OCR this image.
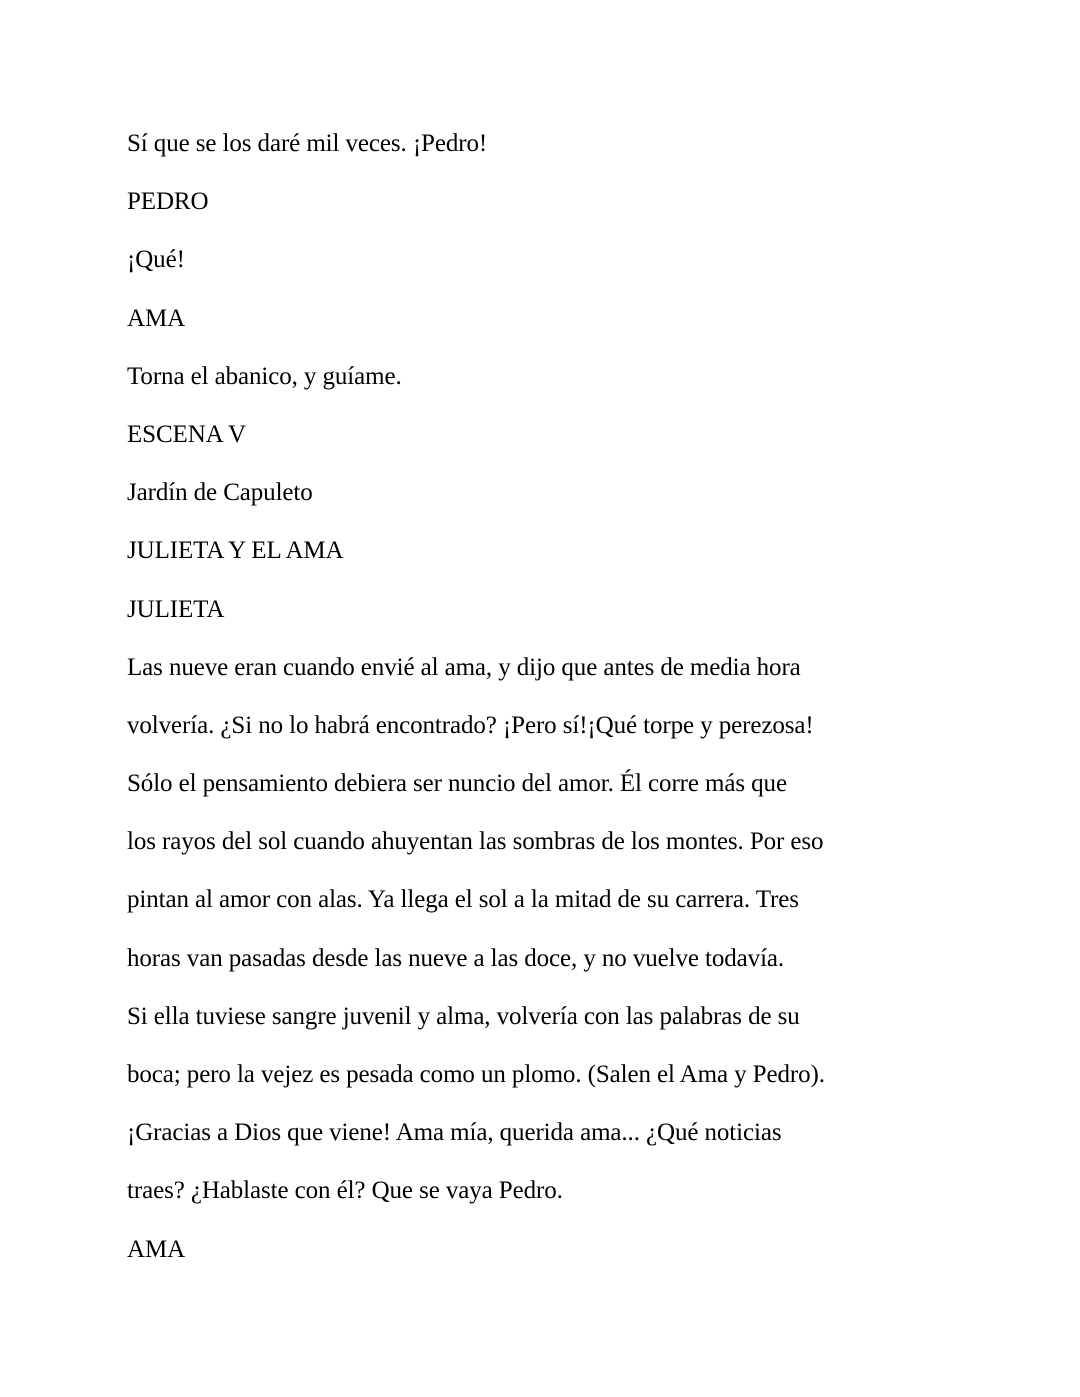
Sí que se los daré mil veces. ¡Pedro!
PEDRO
¡Qué!
AMA
Torna el abanico, y guíame.
ESCENA V
Jardín de Capuleto
JULIETA Y EL AMA
JULIETA
Las nueve eran cuando envié al ama, y dijo que antes de media hora
volvería. ¿Si no lo habrá encontrado? ¡Pero sí!¡Qué torpe y perezosa!
Sólo el pensamiento debiera ser nuncio del amor. Él corre más que
los rayos del sol cuando ahuyentan las sombras de los montes. Por eso
pintan al amor con alas. Ya llega el sol a la mitad de su carrera. Tres
horas van pasadas desde las nueve a las doce, y no vuelve todavía.
Si ella tuviese sangre juvenil y alma, volvería con las palabras de su
boca; pero la vejez es pesada como un plomo. (Salen el Ama y Pedro).
¡Gracias a Dios que viene! Ama mía, querida ama... ¿Qué noticias
traes? ¿Hablaste con él? Que se vaya Pedro.
AMA
